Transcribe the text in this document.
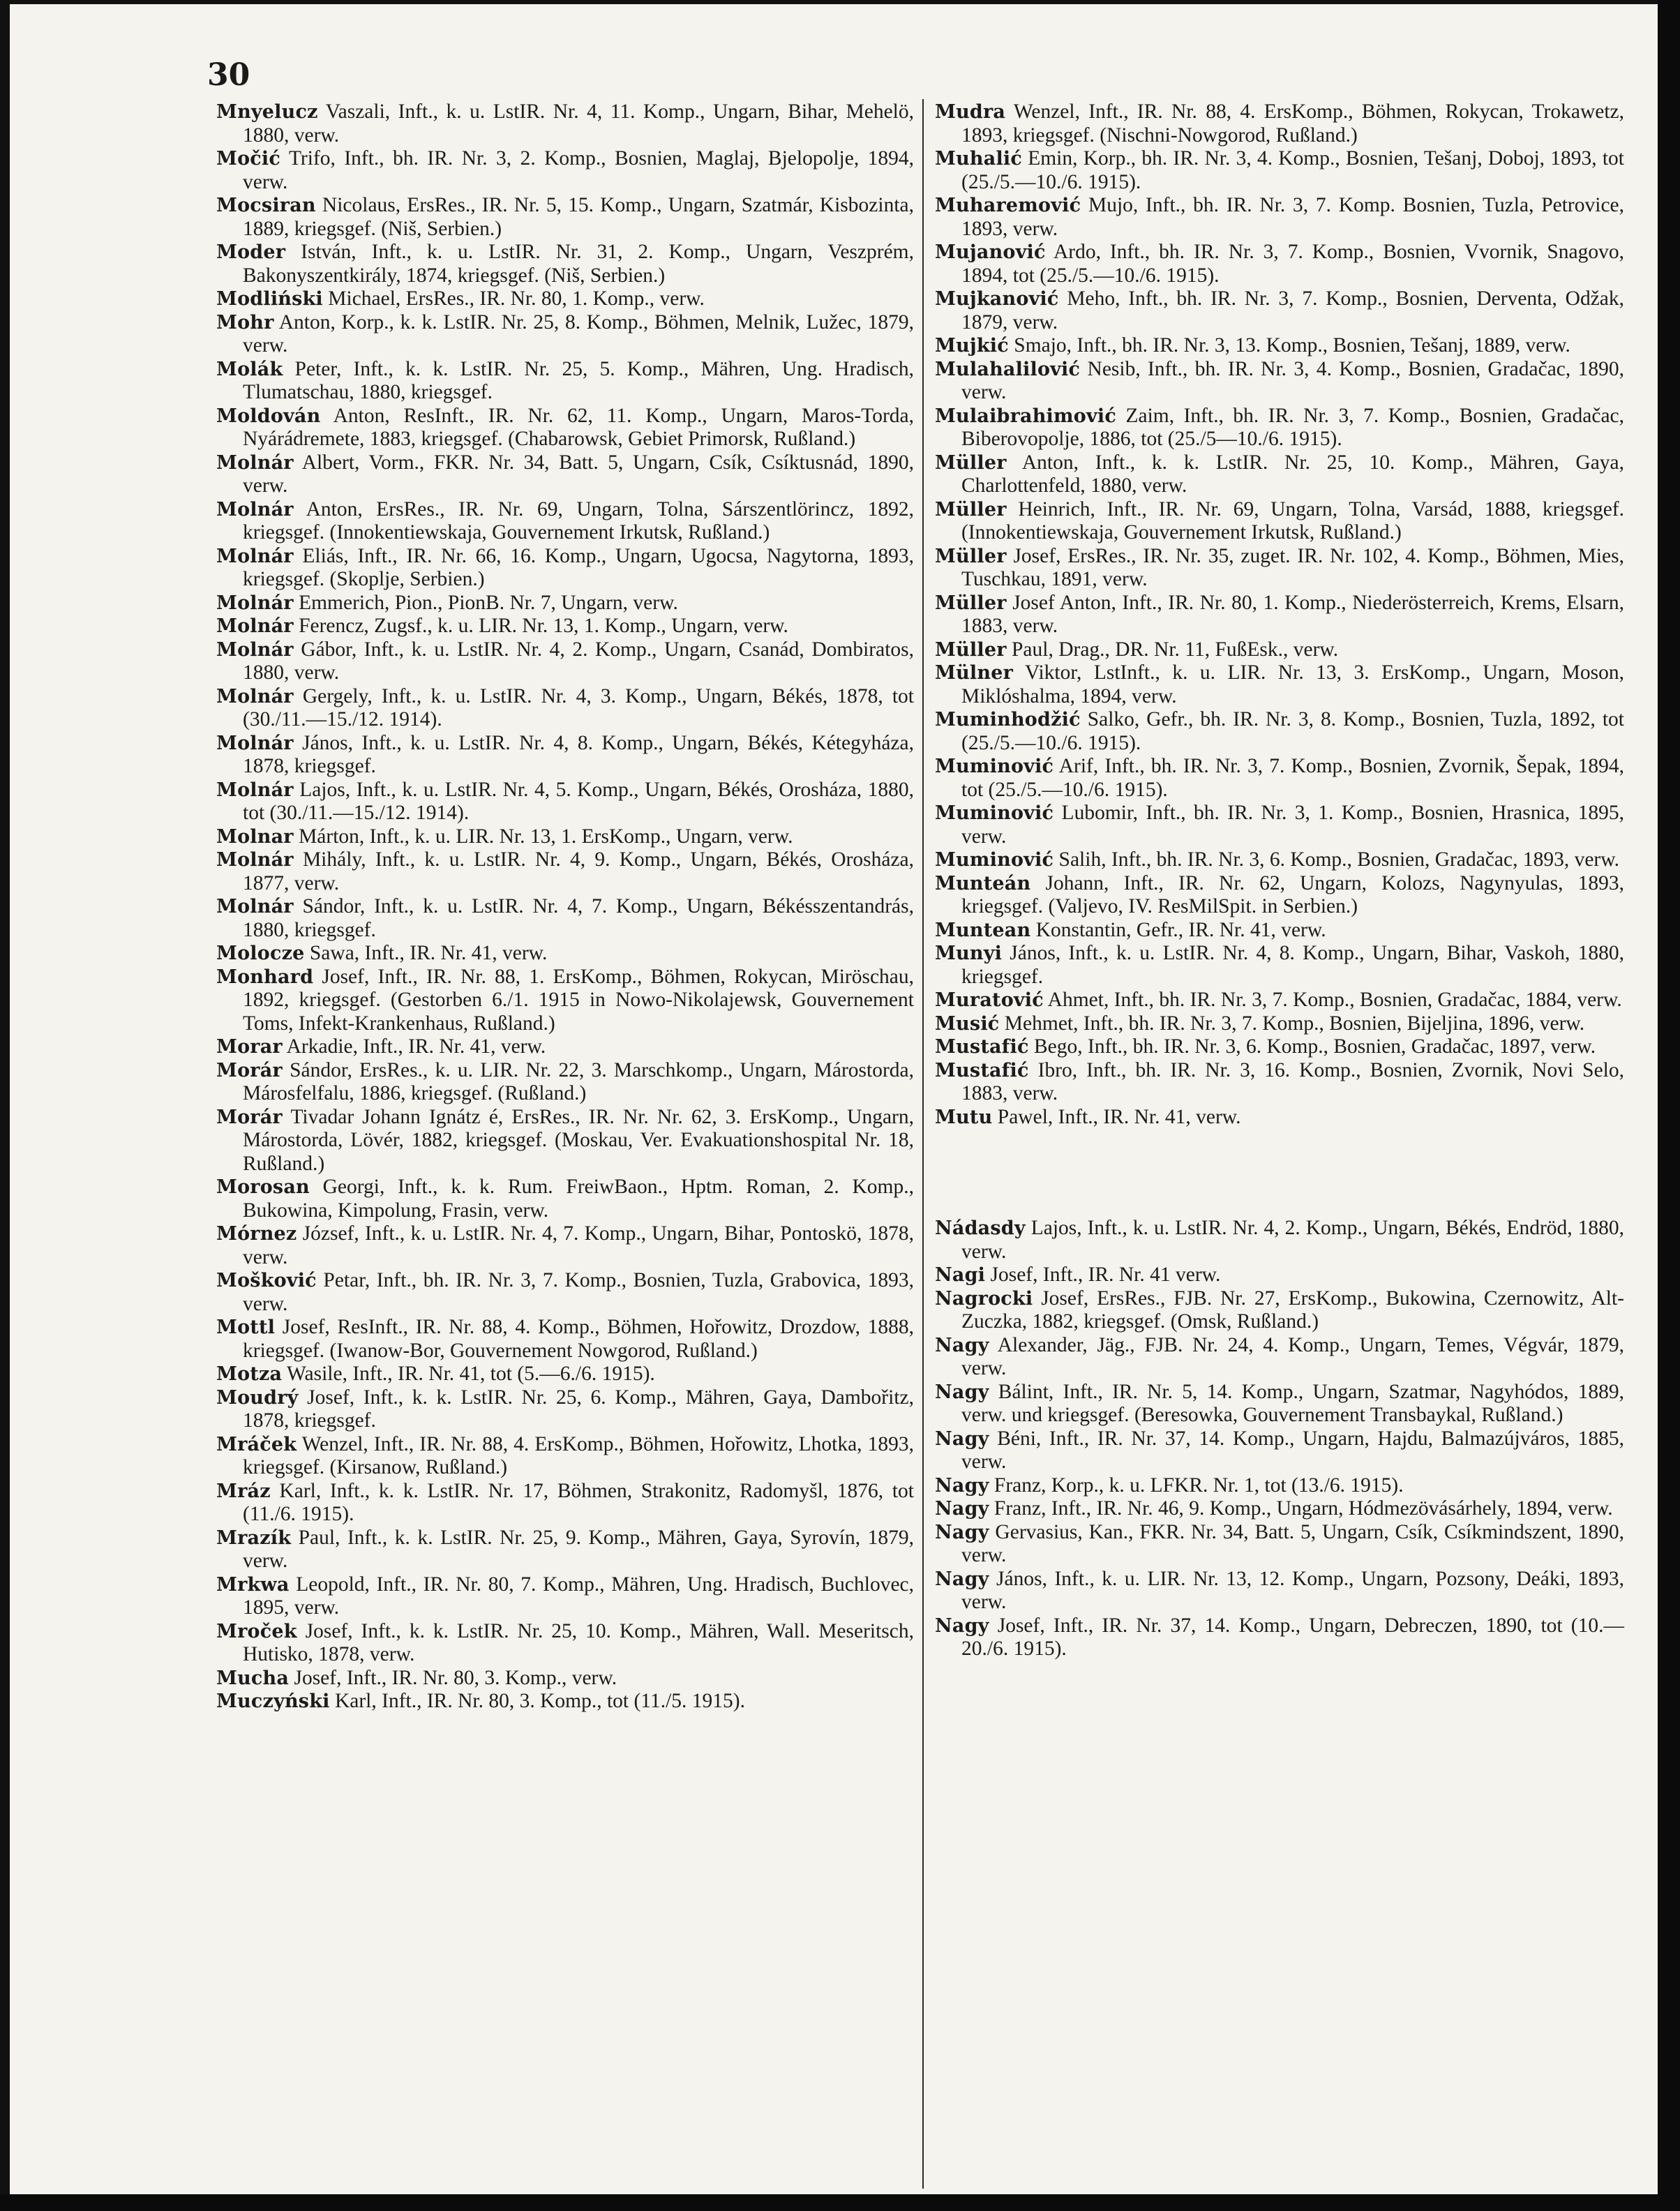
30

Mnyelucz Vaszali, Inft., k. u. LstIR. Nr. 4, 11. Komp., Ungarn, Bihar, Mehelö, 1880, verw.

Močić Trifo, Inft., bh. IR. Nr. 3, 2. Komp., Bosnien, Maglaj, Bjelopolje, 1894, verw.

Mocsiran Nicolaus, ErsRes., IR. Nr. 5, 15. Komp., Ungarn, Szatmár, Kisbozinta, 1889, kriegsgef. (Niš, Serbien.)

Moder István, Inft., k. u. LstIR. Nr. 31, 2. Komp., Ungarn, Veszprém, Bakonyszentkirály, 1874, kriegsgef. (Niš, Serbien.)

Modliński Michael, ErsRes., IR. Nr. 80, 1. Komp., verw.

Mohr Anton, Korp., k. k. LstIR. Nr. 25, 8. Komp., Böhmen, Melnik, Lužec, 1879, verw.

Molák Peter, Inft., k. k. LstIR. Nr. 25, 5. Komp., Mähren, Ung. Hradisch, Tlumatschau, 1880, kriegsgef.

Moldován Anton, ResInft., IR. Nr. 62, 11. Komp., Ungarn, Maros-Torda, Nyárádremete, 1883, kriegsgef. (Chabarowsk, Gebiet Primorsk, Rußland.)

Molnár Albert, Vorm., FKR. Nr. 34, Batt. 5, Ungarn, Csík, Csíktusnád, 1890, verw.

Molnár Anton, ErsRes., IR. Nr. 69, Ungarn, Tolna, Sárszentlörincz, 1892, kriegsgef. (Innokentiewskaja, Gouvernement Irkutsk, Rußland.)

Molnár Eliás, Inft., IR. Nr. 66, 16. Komp., Ungarn, Ugocsa, Nagytorna, 1893, kriegsgef. (Skoplje, Serbien.)

Molnár Emmerich, Pion., PionB. Nr. 7, Ungarn, verw.

Molnár Ferencz, Zugsf., k. u. LIR. Nr. 13, 1. Komp., Ungarn, verw.

Molnár Gábor, Inft., k. u. LstIR. Nr. 4, 2. Komp., Ungarn, Csanád, Dombiratos, 1880, verw.

Molnár Gergely, Inft., k. u. LstIR. Nr. 4, 3. Komp., Ungarn, Békés, 1878, tot (30./11.—15./12. 1914).

Molnár János, Inft., k. u. LstIR. Nr. 4, 8. Komp., Ungarn, Békés, Kétegyháza, 1878, kriegsgef.

Molnár Lajos, Inft., k. u. LstIR. Nr. 4, 5. Komp., Ungarn, Békés, Orosháza, 1880, tot (30./11.—15./12. 1914).

Molnar Márton, Inft., k. u. LIR. Nr. 13, 1. ErsKomp., Ungarn, verw.

Molnár Mihály, Inft., k. u. LstIR. Nr. 4, 9. Komp., Ungarn, Békés, Orosháza, 1877, verw.

Molnár Sándor, Inft., k. u. LstIR. Nr. 4, 7. Komp., Ungarn, Békésszentandrás, 1880, kriegsgef.

Molocze Sawa, Inft., IR. Nr. 41, verw.

Monhard Josef, Inft., IR. Nr. 88, 1. ErsKomp., Böhmen, Rokycan, Miröschau, 1892, kriegsgef. (Gestorben 6./1. 1915 in Nowo-Nikolajewsk, Gouvernement Toms, Infekt-Krankenhaus, Rußland.)

Morar Arkadie, Inft., IR. Nr. 41, verw.

Morár Sándor, ErsRes., k. u. LIR. Nr. 22, 3. Marschkomp., Ungarn, Márostorda, Márosfelfalu, 1886, kriegsgef. (Rußland.)

Morár Tivadar Johann Ignátz é, ErsRes., IR. Nr. Nr. 62, 3. ErsKomp., Ungarn, Márostorda, Lövér, 1882, kriegsgef. (Moskau, Ver. Evakuationshospital Nr. 18, Rußland.)

Morosan Georgi, Inft., k. k. Rum. FreiwBaon., Hptm. Roman, 2. Komp., Bukowina, Kimpolung, Frasin, verw.

Mórnez József, Inft., k. u. LstIR. Nr. 4, 7. Komp., Ungarn, Bihar, Pontoskö, 1878, verw.

Mošković Petar, Inft., bh. IR. Nr. 3, 7. Komp., Bosnien, Tuzla, Grabovica, 1893, verw.

Mottl Josef, ResInft., IR. Nr. 88, 4. Komp., Böhmen, Hořowitz, Drozdow, 1888, kriegsgef. (Iwanow-Bor, Gouvernement Nowgorod, Rußland.)

Motza Wasile, Inft., IR. Nr. 41, tot (5.—6./6. 1915).

Moudrý Josef, Inft., k. k. LstIR. Nr. 25, 6. Komp., Mähren, Gaya, Dambořitz, 1878, kriegsgef.

Mráček Wenzel, Inft., IR. Nr. 88, 4. ErsKomp., Böhmen, Hořowitz, Lhotka, 1893, kriegsgef. (Kirsanow, Rußland.)

Mráz Karl, Inft., k. k. LstIR. Nr. 17, Böhmen, Strakonitz, Radomyšl, 1876, tot (11./6. 1915).

Mrazík Paul, Inft., k. k. LstIR. Nr. 25, 9. Komp., Mähren, Gaya, Syrovín, 1879, verw.

Mrkwa Leopold, Inft., IR. Nr. 80, 7. Komp., Mähren, Ung. Hradisch, Buchlovec, 1895, verw.

Mroček Josef, Inft., k. k. LstIR. Nr. 25, 10. Komp., Mähren, Wall. Meseritsch, Hutisko, 1878, verw.

Mucha Josef, Inft., IR. Nr. 80, 3. Komp., verw.

Muczyński Karl, Inft., IR. Nr. 80, 3. Komp., tot (11./5. 1915).

Mudra Wenzel, Inft., IR. Nr. 88, 4. ErsKomp., Böhmen, Rokycan, Trokawetz, 1893, kriegsgef. (Nischni-Nowgorod, Rußland.)

Muhalić Emin, Korp., bh. IR. Nr. 3, 4. Komp., Bosnien, Tešanj, Doboj, 1893, tot (25./5.—10./6. 1915).

Muharemović Mujo, Inft., bh. IR. Nr. 3, 7. Komp. Bosnien, Tuzla, Petrovice, 1893, verw.

Mujanović Ardo, Inft., bh. IR. Nr. 3, 7. Komp., Bosnien, Vvornik, Snagovo, 1894, tot (25./5.—10./6. 1915).

Mujkanović Meho, Inft., bh. IR. Nr. 3, 7. Komp., Bosnien, Derventa, Odžak, 1879, verw.

Mujkić Smajo, Inft., bh. IR. Nr. 3, 13. Komp., Bosnien, Tešanj, 1889, verw.

Mulahalilović Nesib, Inft., bh. IR. Nr. 3, 4. Komp., Bosnien, Gradačac, 1890, verw.

Mulaibrahimović Zaim, Inft., bh. IR. Nr. 3, 7. Komp., Bosnien, Gradačac, Biberovopolje, 1886, tot (25./5—10./6. 1915).

Müller Anton, Inft., k. k. LstIR. Nr. 25, 10. Komp., Mähren, Gaya, Charlottenfeld, 1880, verw.

Müller Heinrich, Inft., IR. Nr. 69, Ungarn, Tolna, Varsád, 1888, kriegsgef. (Innokentiewskaja, Gouvernement Irkutsk, Rußland.)

Müller Josef, ErsRes., IR. Nr. 35, zuget. IR. Nr. 102, 4. Komp., Böhmen, Mies, Tuschkau, 1891, verw.

Müller Josef Anton, Inft., IR. Nr. 80, 1. Komp., Niederösterreich, Krems, Elsarn, 1883, verw.

Müller Paul, Drag., DR. Nr. 11, FußEsk., verw.

Mülner Viktor, LstInft., k. u. LIR. Nr. 13, 3. ErsKomp., Ungarn, Moson, Miklóshalma, 1894, verw.

Muminhodžić Salko, Gefr., bh. IR. Nr. 3, 8. Komp., Bosnien, Tuzla, 1892, tot (25./5.—10./6. 1915).

Muminović Arif, Inft., bh. IR. Nr. 3, 7. Komp., Bosnien, Zvornik, Šepak, 1894, tot (25./5.—10./6. 1915).

Muminović Lubomir, Inft., bh. IR. Nr. 3, 1. Komp., Bosnien, Hrasnica, 1895, verw.

Muminović Salih, Inft., bh. IR. Nr. 3, 6. Komp., Bosnien, Gradačac, 1893, verw.

Munteán Johann, Inft., IR. Nr. 62, Ungarn, Kolozs, Nagynyulas, 1893, kriegsgef. (Valjevo, IV. ResMilSpit. in Serbien.)

Muntean Konstantin, Gefr., IR. Nr. 41, verw.

Munyi János, Inft., k. u. LstIR. Nr. 4, 8. Komp., Ungarn, Bihar, Vaskoh, 1880, kriegsgef.

Muratović Ahmet, Inft., bh. IR. Nr. 3, 7. Komp., Bosnien, Gradačac, 1884, verw.

Musić Mehmet, Inft., bh. IR. Nr. 3, 7. Komp., Bosnien, Bijeljina, 1896, verw.

Mustafić Bego, Inft., bh. IR. Nr. 3, 6. Komp., Bosnien, Gradačac, 1897, verw.

Mustafić Ibro, Inft., bh. IR. Nr. 3, 16. Komp., Bosnien, Zvornik, Novi Selo, 1883, verw.

Mutu Pawel, Inft., IR. Nr. 41, verw.

Nádasdy Lajos, Inft., k. u. LstIR. Nr. 4, 2. Komp., Ungarn, Békés, Endröd, 1880, verw.

Nagi Josef, Inft., IR. Nr. 41 verw.

Nagrocki Josef, ErsRes., FJB. Nr. 27, ErsKomp., Bukowina, Czernowitz, Alt-Zuczka, 1882, kriegsgef. (Omsk, Rußland.)

Nagy Alexander, Jäg., FJB. Nr. 24, 4. Komp., Ungarn, Temes, Végvár, 1879, verw.

Nagy Bálint, Inft., IR. Nr. 5, 14. Komp., Ungarn, Szatmar, Nagyhódos, 1889, verw. und kriegsgef. (Beresowka, Gouvernement Transbaykal, Rußland.)

Nagy Béni, Inft., IR. Nr. 37, 14. Komp., Ungarn, Hajdu, Balmazújváros, 1885, verw.

Nagy Franz, Korp., k. u. LFKR. Nr. 1, tot (13./6. 1915).

Nagy Franz, Inft., IR. Nr. 46, 9. Komp., Ungarn, Hódmezövásárhely, 1894, verw.

Nagy Gervasius, Kan., FKR. Nr. 34, Batt. 5, Ungarn, Csík, Csíkmindszent, 1890, verw.

Nagy János, Inft., k. u. LIR. Nr. 13, 12. Komp., Ungarn, Pozsony, Deáki, 1893, verw.

Nagy Josef, Inft., IR. Nr. 37, 14. Komp., Ungarn, Debreczen, 1890, tot (10.—20./6. 1915).
